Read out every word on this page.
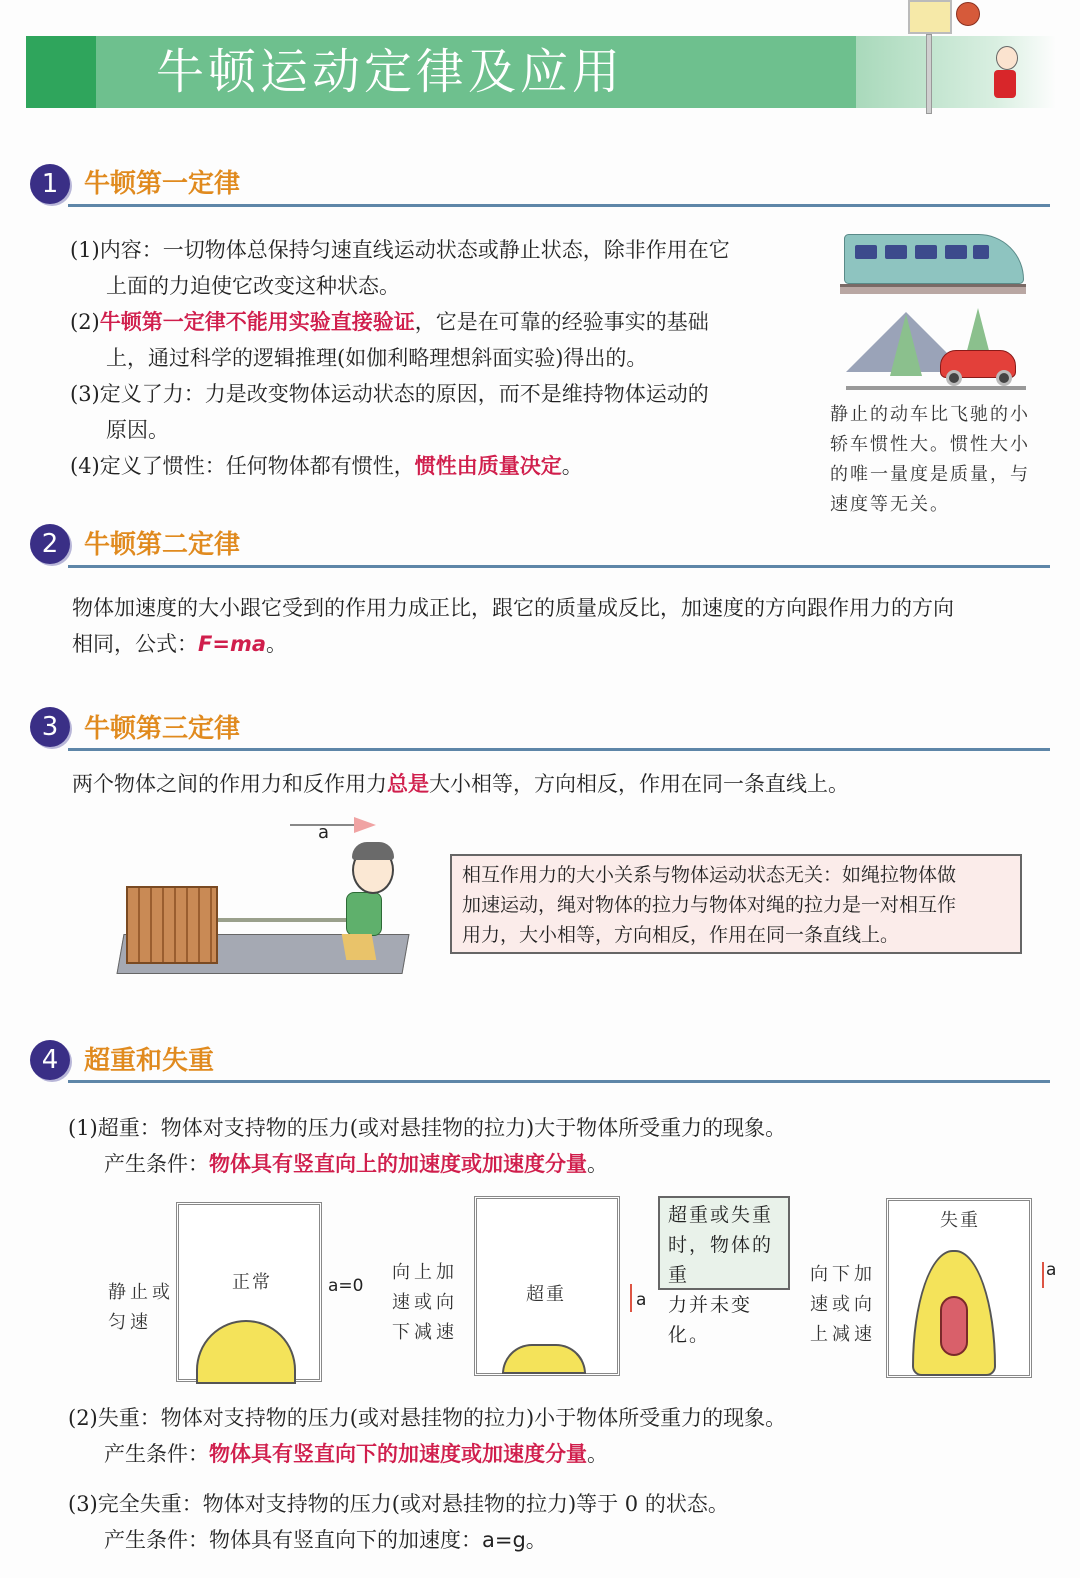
牛顿运动定律及应用
1 牛顿第一定律
(1)内容：一切物体总保持匀速直线运动状态或静止状态，除非作用在它
上面的力迫使它改变这种状态。
(2)牛顿第一定律不能用实验直接验证，它是在可靠的经验事实的基础
上，通过科学的逻辑推理(如伽利略理想斜面实验)得出的。
(3)定义了力：力是改变物体运动状态的原因，而不是维持物体运动的
原因。
(4)定义了惯性：任何物体都有惯性，惯性由质量决定。
静止的动车比飞驰的小
轿车惯性大。惯性大小
的唯一量度是质量，与
速度等无关。
2 牛顿第二定律
物体加速度的大小跟它受到的作用力成正比，跟它的质量成反比，加速度的方向跟作用力的方向
相同，公式：F=ma。
3 牛顿第三定律
两个物体之间的作用力和反作用力总是大小相等，方向相反，作用在同一条直线上。
a
相互作用力的大小关系与物体运动状态无关：如绳拉物体做
加速运动，绳对物体的拉力与物体对绳的拉力是一对相互作
用力，大小相等，方向相反，作用在同一条直线上。
4 超重和失重
(1)超重：物体对支持物的压力(或对悬挂物的拉力)大于物体所受重力的现象。
产生条件：物体具有竖直向上的加速度或加速度分量。
静止或
匀速
正常	a=0
向上加
速或向
下减速
超重	a
超重或失重
时，物体的重
力并未变化。
向下加
速或向
上减速
失重
a
(2)失重：物体对支持物的压力(或对悬挂物的拉力)小于物体所受重力的现象。
产生条件：物体具有竖直向下的加速度或加速度分量。
(3)完全失重：物体对支持物的压力(或对悬挂物的拉力)等于 0 的状态。
产生条件：物体具有竖直向下的加速度：a=g。
